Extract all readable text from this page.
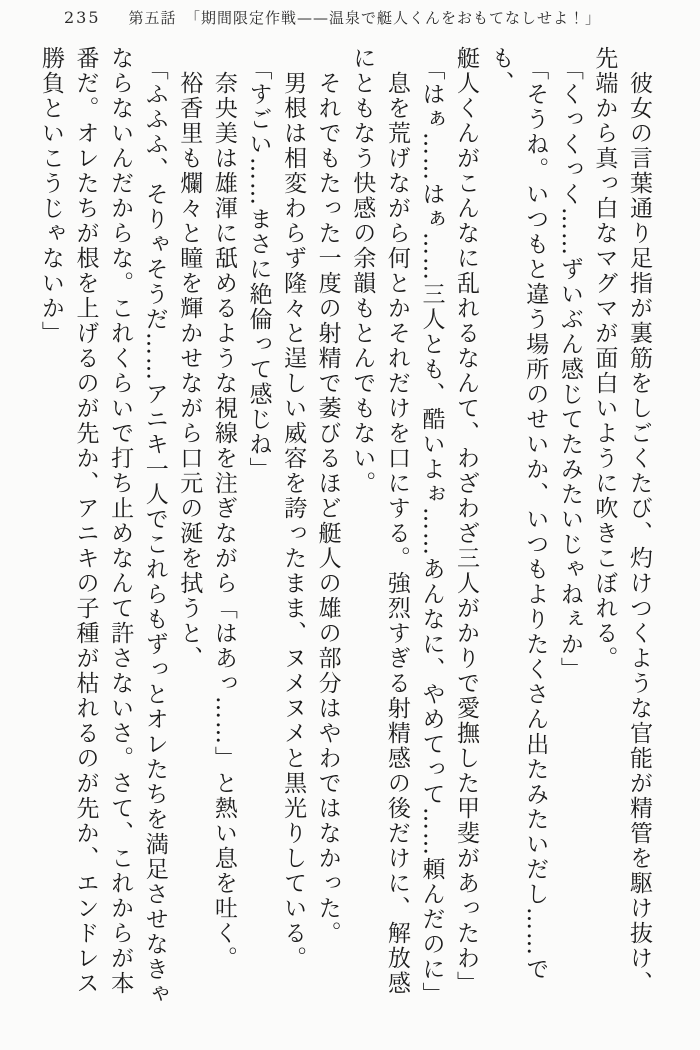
235 第五話　「期間限定作戦——温泉で艇人くんをおもてなしせよ！」

彼女の言葉通り足指が裏筋をしごくたび、灼けつくような官能が精管を駆け抜け、

先端から真っ白なマグマが面白いように吹きこぼれる。

「くっくっく……ずいぶん感じてたみたいじゃねぇか」

「そうね。いつもと違う場所のせいか、いつもよりたくさん出たみたいだし……でも、

艇人くんがこんなに乱れるなんて、わざわざ三人がかりで愛撫した甲斐があったわ」

「はぁ……はぁ……三人とも、酷いよぉ……あんなに、やめてって……頼んだのに」

息を荒げながら何とかそれだけを口にする。強烈すぎる射精感の後だけに、解放感

にともなう快感の余韻もとんでもない。

それでもたった一度の射精で萎びるほど艇人の雄の部分はやわではなかった。

男根は相変わらず隆々と逞しい威容を誇ったまま、ヌメヌメと黒光りしている。

「すごい……まさに絶倫って感じね」

奈央美は雄渾に舐めるような視線を注ぎながら「はあっ……」と熱い息を吐く。

裕香里も爛々と瞳を輝かせながら口元の涎を拭うと、

「ふふふ、そりゃそうだ……アニキ一人でこれらもずっとオレたちを満足させなきゃ

ならないんだからな。これくらいで打ち止めなんて許さないさ。さて、これからが本

番だ。オレたちが根を上げるのが先か、アニキの子種が枯れるのが先か、エンドレス

勝負といこうじゃないか」
